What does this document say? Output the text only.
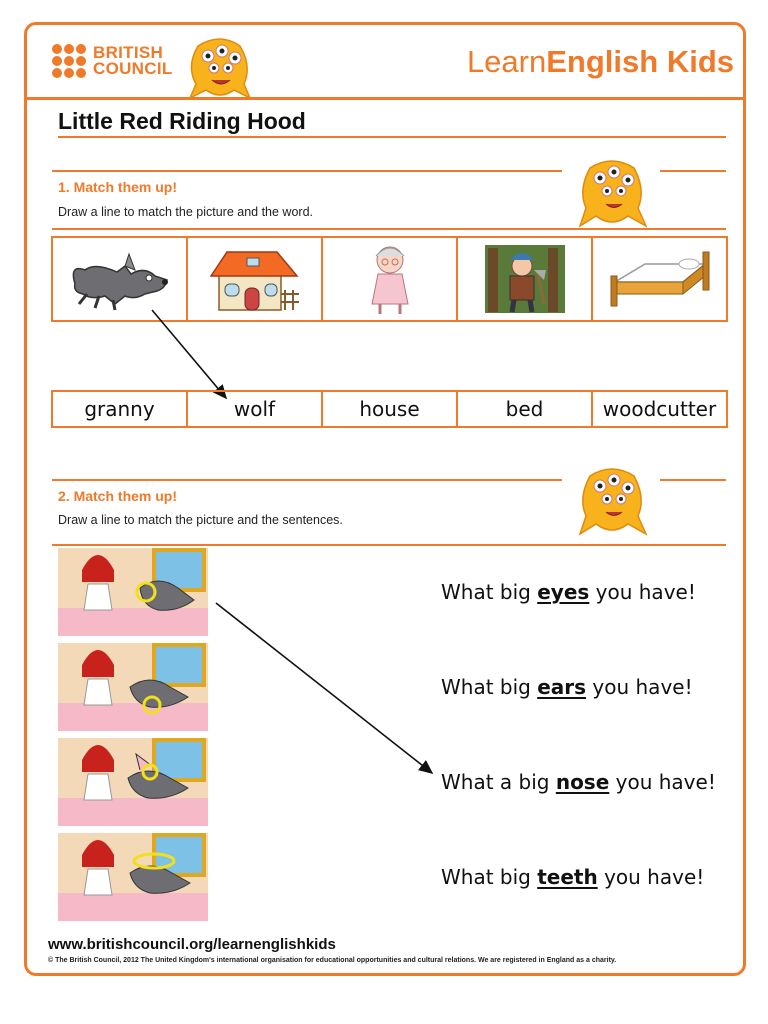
BRITISH
COUNCIL	LearnEnglish Kids
Little Red Riding Hood
1. Match them up!
Draw a line to match the picture and the word.
granny	wolf	house	bed	woodcutter
2. Match them up!
Draw a line to match the picture and the sentences.
What big eyes you have!
What big ears you have!
What a big nose you have!
What big teeth you have!
www.britishcouncil.org/learnenglishkids
© The British Council, 2012 The United Kingdom's international organisation for educational opportunities and cultural relations. We are registered in England as a charity.
